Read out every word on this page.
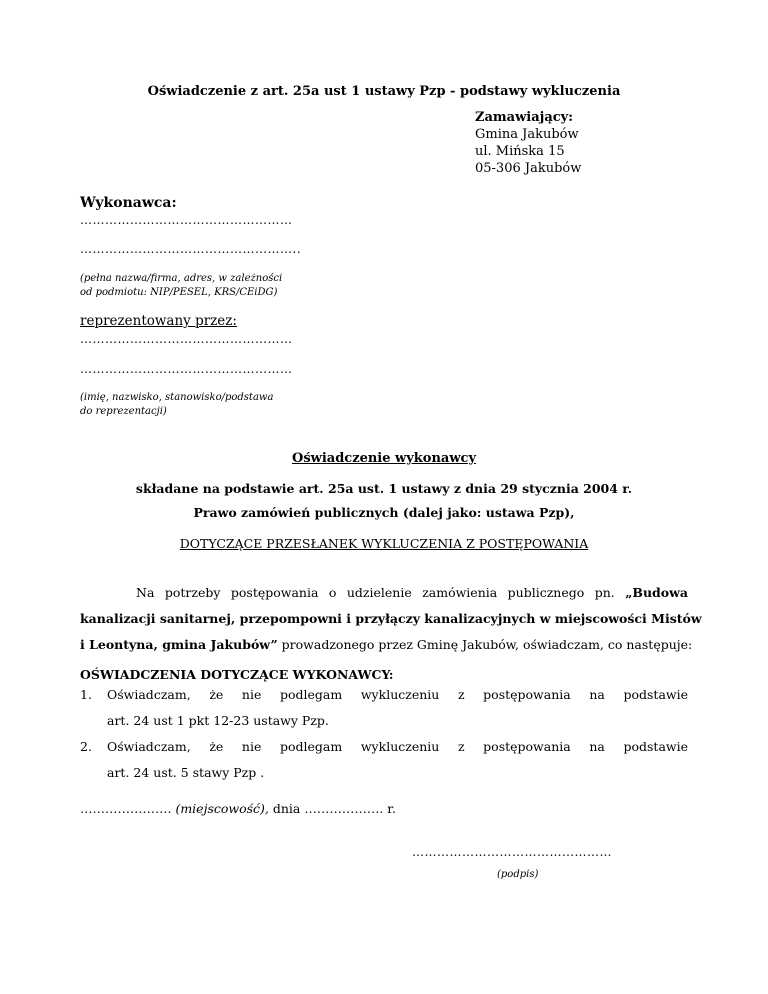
Oświadczenie z art. 25a ust 1 ustawy Pzp - podstawy wykluczenia
Zamawiający:
Gmina Jakubów
ul. Mińska 15
05-306 Jakubów
Wykonawca:
……………………………………………
……………………………………………..
(pełna nazwa/firma, adres, w zależności
od podmiotu: NIP/PESEL, KRS/CEiDG)
reprezentowany przez:
……………………………………………
……………………………………………
(imię, nazwisko, stanowisko/podstawa
do reprezentacji)
Oświadczenie wykonawcy
składane na podstawie art. 25a ust. 1 ustawy z dnia 29 stycznia 2004 r.
Prawo zamówień publicznych (dalej jako: ustawa Pzp),
DOTYCZĄCE PRZESŁANEK WYKLUCZENIA Z POSTĘPOWANIA
Na potrzeby postępowania o udzielenie zamówienia publicznego pn. „Budowa
kanalizacji sanitarnej, przepompowni i przyłączy kanalizacyjnych w miejscowości Mistów
i Leontyna, gmina Jakubów” prowadzonego przez Gminę Jakubów, oświadczam, co następuje:
OŚWIADCZENIA DOTYCZĄCE WYKONAWCY:
1. Oświadczam, że nie podlegam wykluczeniu z postępowania na podstawie
art. 24 ust 1 pkt 12-23 ustawy Pzp.
2. Oświadczam, że nie podlegam wykluczeniu z postępowania na podstawie
art. 24 ust. 5 stawy Pzp .
…………………. (miejscowość), dnia ………………. r.
…………………………………………
(podpis)
